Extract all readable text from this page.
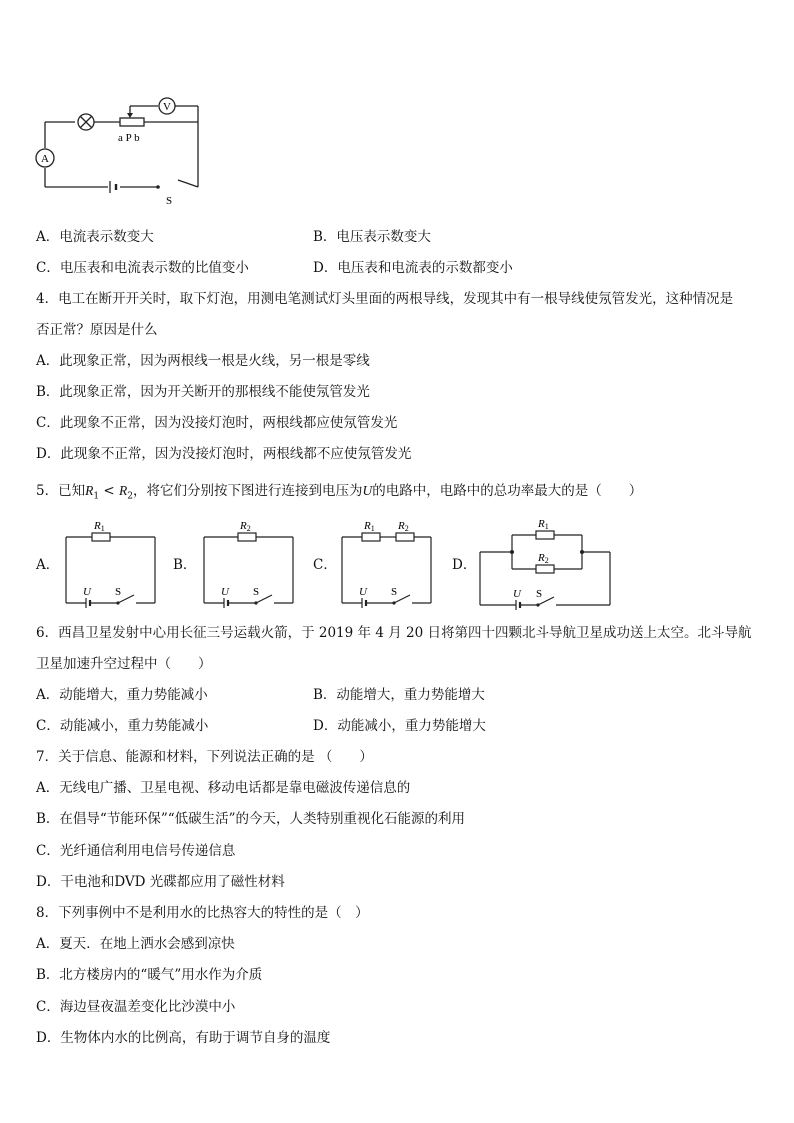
V
A
a P b
S
A．电流表示数变大	B．电压表示数变大
C．电压表和电流表示数的比值变小	D．电压表和电流表的示数都变小
4．电工在断开开关时，取下灯泡，用测电笔测试灯头里面的两根导线，发现其中有一根导线使氖管发光，这种情况是
否正常？原因是什么
A．此现象正常，因为两根线一根是火线，另一根是零线
B．此现象正常，因为开关断开的那根线不能使氖管发光
C．此现象不正常，因为没接灯泡时，两根线都应使氖管发光
D．此现象不正常，因为没接灯泡时，两根线都不应使氖管发光
5．已知$R_1 < R_2$，将它们分别按下图进行连接到电压为U的电路中，电路中的总功率最大的是（　　）
A．	B．	C．	D．
R1
U S
R2
U S
R1 R2
U S
R1
R2
U S
6．西昌卫星发射中心用长征三号运载火箭，于 2019 年 4 月 20 日将第四十四颗北斗导航卫星成功送上太空。北斗导航
卫星加速升空过程中（　　）
A．动能增大，重力势能减小	B．动能增大，重力势能增大
C．动能减小，重力势能减小	D．动能减小，重力势能增大
7．关于信息、能源和材料，下列说法正确的是 （　　）
A．无线电广播、卫星电视、移动电话都是靠电磁波传递信息的
B．在倡导“节能环保”“低碳生活”的今天，人类特别重视化石能源的利用
C．光纤通信利用电信号传递信息
D．干电池和DVD 光碟都应用了磁性材料
8．下列事例中不是利用水的比热容大的特性的是（　）
A．夏天．在地上洒水会感到凉快
B．北方楼房内的“暖气”用水作为介质
C．海边昼夜温差变化比沙漠中小
D．生物体内水的比例高，有助于调节自身的温度
